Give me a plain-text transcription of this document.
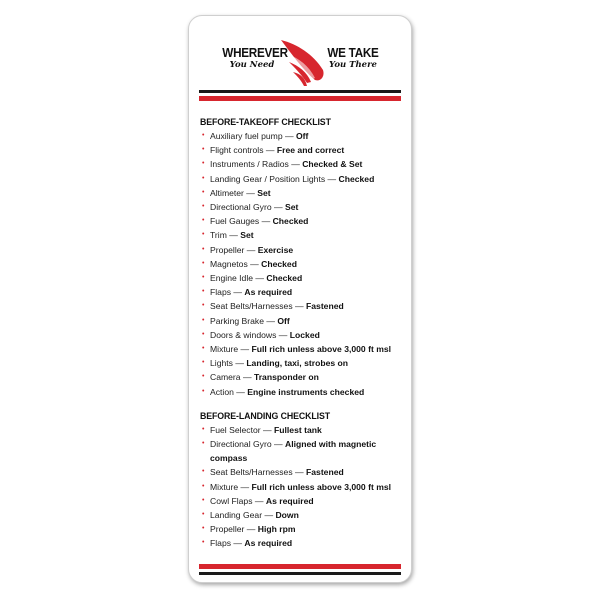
WHEREVER
You Need
WE TAKE
You There
BEFORE-TAKEOFF CHECKLIST
• Auxiliary fuel pump — Off
• Flight controls — Free and correct
• Instruments / Radios — Checked & Set
• Landing Gear / Position Lights — Checked
• Altimeter — Set
• Directional Gyro — Set
• Fuel Gauges — Checked
• Trim — Set
• Propeller — Exercise
• Magnetos — Checked
• Engine Idle — Checked
• Flaps — As required
• Seat Belts/Harnesses — Fastened
• Parking Brake — Off
• Doors & windows — Locked
• Mixture — Full rich unless above 3,000 ft msl
• Lights — Landing, taxi, strobes on
• Camera — Transponder on
• Action — Engine instruments checked
BEFORE-LANDING CHECKLIST
• Fuel Selector — Fullest tank
• Directional Gyro — Aligned with magnetic compass
• Seat Belts/Harnesses — Fastened
• Mixture — Full rich unless above 3,000 ft msl
• Cowl Flaps — As required
• Landing Gear — Down
• Propeller — High rpm
• Flaps — As required
